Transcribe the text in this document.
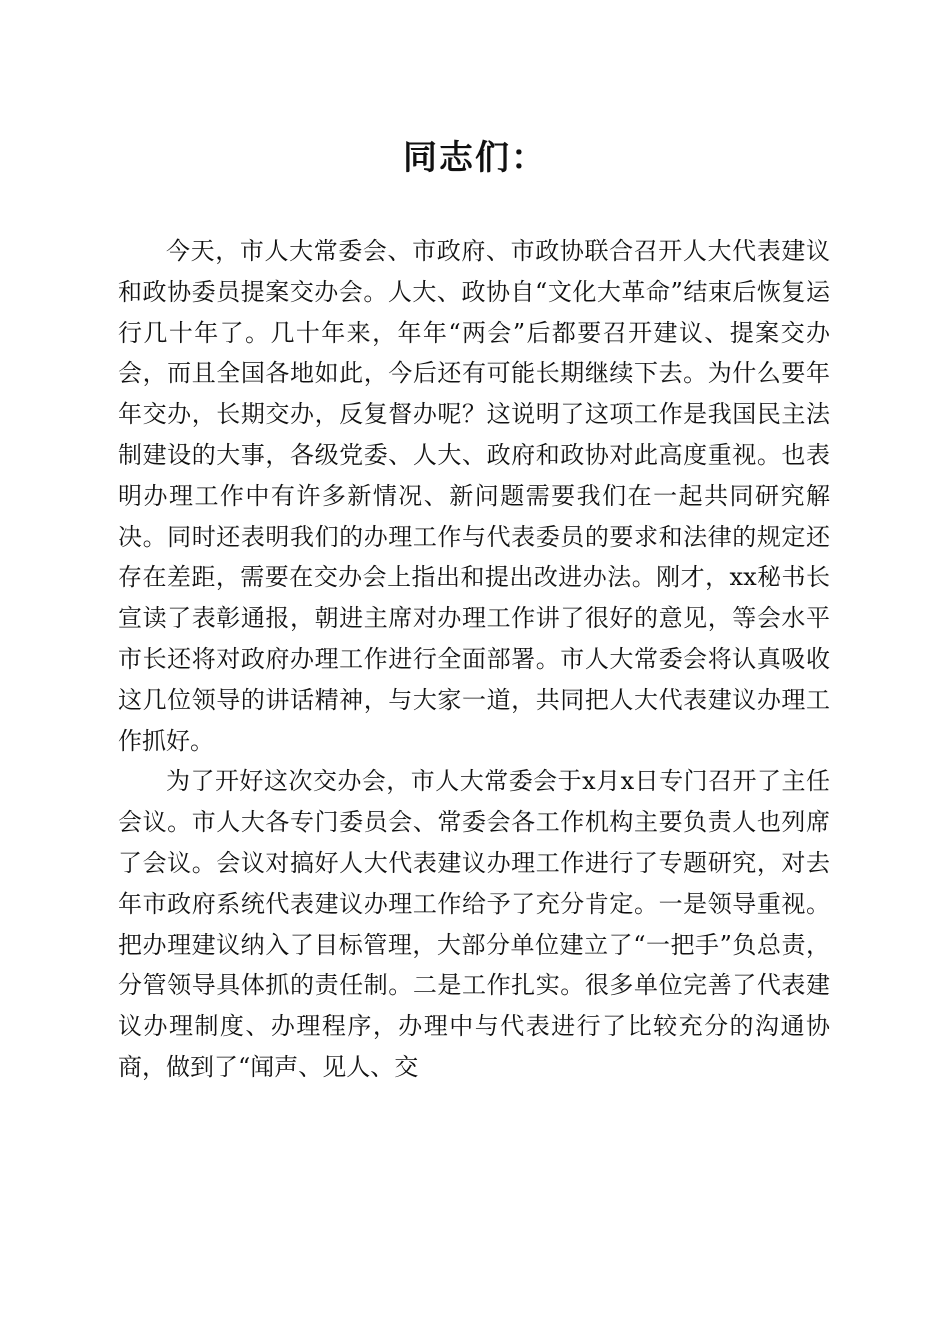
同志们：

今天，市人大常委会、市政府、市政协联合召开人大代表建议和政协委员提案交办会。人大、政协自“文化大革命”结束后恢复运行几十年了。几十年来，年年“两会”后都要召开建议、提案交办会，而且全国各地如此，今后还有可能长期继续下去。为什么要年年交办，长期交办，反复督办呢？这说明了这项工作是我国民主法制建设的大事，各级党委、人大、政府和政协对此高度重视。也表明办理工作中有许多新情况、新问题需要我们在一起共同研究解决。同时还表明我们的办理工作与代表委员的要求和法律的规定还存在差距，需要在交办会上指出和提出改进办法。刚才，xx秘书长宣读了表彰通报，朝进主席对办理工作讲了很好的意见，等会水平市长还将对政府办理工作进行全面部署。市人大常委会将认真吸收这几位领导的讲话精神，与大家一道，共同把人大代表建议办理工作抓好。

为了开好这次交办会，市人大常委会于x月x日专门召开了主任会议。市人大各专门委员会、常委会各工作机构主要负责人也列席了会议。会议对搞好人大代表建议办理工作进行了专题研究，对去年市政府系统代表建议办理工作给予了充分肯定。一是领导重视。把办理建议纳入了目标管理，大部分单位建立了“一把手”负总责，分管领导具体抓的责任制。二是工作扎实。很多单位完善了代表建议办理制度、办理程序，办理中与代表进行了比较充分的沟通协商，做到了“闻声、见人、交
